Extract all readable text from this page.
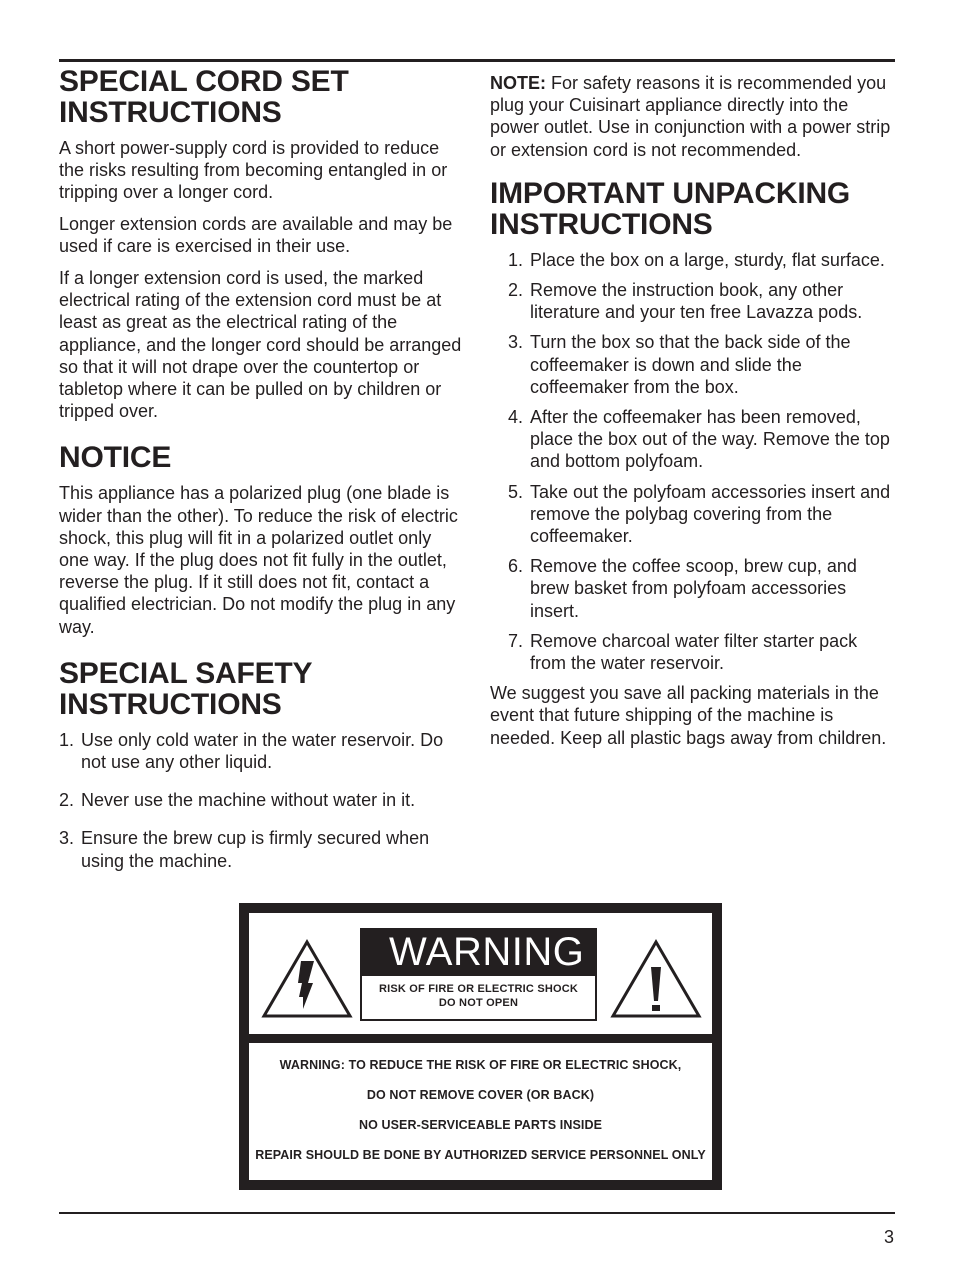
SPECIAL CORD SET INSTRUCTIONS

A short power-supply cord is provided to reduce the risks resulting from becoming entangled in or tripping over a longer cord.

Longer extension cords are available and may be used if care is exercised in their use.

If a longer extension cord is used, the marked electrical rating of the extension cord must be at least as great as the electrical rating of the appliance, and the longer cord should be arranged so that it will not drape over the countertop or tabletop where it can be pulled on by children or tripped over.

NOTICE

This appliance has a polarized plug (one blade is wider than the other). To reduce the risk of electric shock, this plug will fit in a polarized outlet only one way. If the plug does not fit fully in the outlet, reverse the plug. If it still does not fit, contact a qualified electrician. Do not modify the plug in any way.

SPECIAL SAFETY INSTRUCTIONS
1. Use only cold water in the water reservoir. Do not use any other liquid.
2. Never use the machine without water in it.
3. Ensure the brew cup is firmly secured when using the machine.

NOTE: For safety reasons it is recommended you plug your Cuisinart appliance directly into the power outlet. Use in conjunction with a power strip or extension cord is not recommended.

IMPORTANT UNPACKING INSTRUCTIONS
1. Place the box on a large, sturdy, flat surface.
2. Remove the instruction book, any other literature and your ten free Lavazza pods.
3. Turn the box so that the back side of the coffeemaker is down and slide the coffeemaker from the box.
4. After the coffeemaker has been removed, place the box out of the way. Remove the top and bottom polyfoam.
5. Take out the polyfoam accessories insert and remove the polybag covering from the coffeemaker.
6. Remove the coffee scoop, brew cup, and brew basket from polyfoam accessories insert.
7. Remove charcoal water filter starter pack from the water reservoir.

We suggest you save all packing materials in the event that future shipping of the machine is needed. Keep all plastic bags away from children.

WARNING
RISK OF FIRE OR ELECTRIC SHOCK
DO NOT OPEN
WARNING: TO REDUCE THE RISK OF FIRE OR ELECTRIC SHOCK,
DO NOT REMOVE COVER (OR BACK)
NO USER-SERVICEABLE PARTS INSIDE
REPAIR SHOULD BE DONE BY AUTHORIZED SERVICE PERSONNEL ONLY
3
